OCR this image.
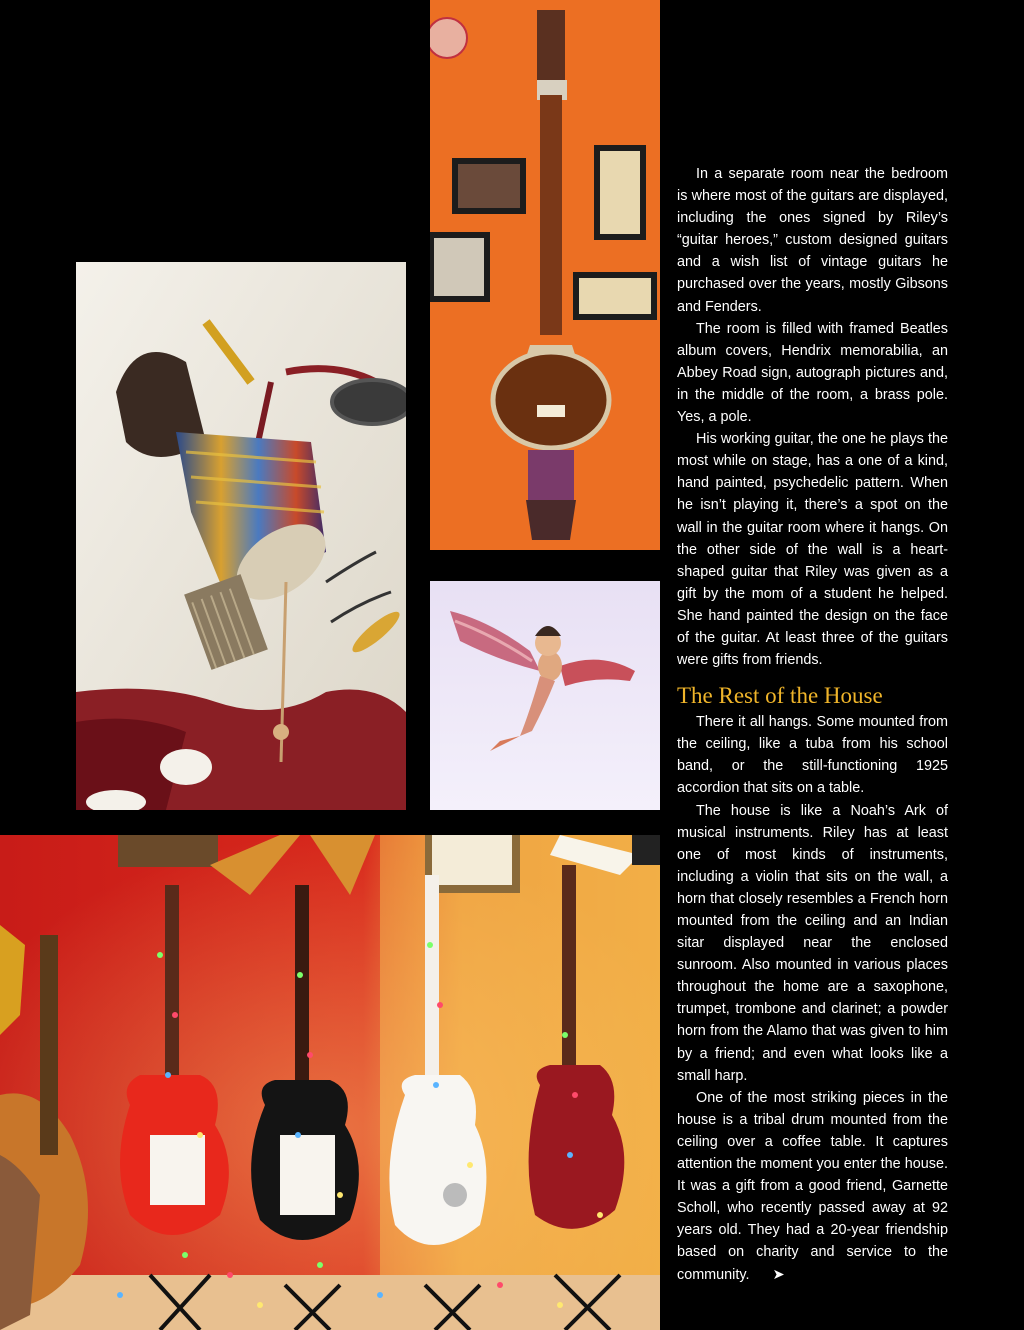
In a separate room near the bedroom is where most of the guitars are displayed, including the ones signed by Riley’s “guitar heroes,” custom designed guitars and a wish list of vintage guitars he purchased over the years, mostly Gibsons and Fenders.

The room is filled with framed Beatles album covers, Hendrix memorabilia, an Abbey Road sign, autograph pictures and, in the middle of the room, a brass pole. Yes, a pole.

His working guitar, the one he plays the most while on stage, has a one of a kind, hand painted, psychedelic pattern. When he isn’t playing it, there’s a spot on the wall in the guitar room where it hangs. On the other side of the wall is a heart-shaped guitar that Riley was given as a gift by the mom of a student he helped. She hand painted the design on the face of the guitar. At least three of the guitars were gifts from friends.

The Rest of the House

There it all hangs. Some mounted from the ceiling, like a tuba from his school band, or the still-functioning 1925 accordion that sits on a table.

The house is like a Noah’s Ark of musical instruments. Riley has at least one of most kinds of instruments, including a violin that sits on the wall, a horn that closely resembles a French horn mounted from the ceiling and an Indian sitar displayed near the enclosed sunroom. Also mounted in various places throughout the home are a saxophone, trumpet, trombone and clarinet; a powder horn from the Alamo that was given to him by a friend; and even what looks like a small harp.

One of the most striking pieces in the house is a tribal drum mounted from the ceiling over a coffee table. It captures attention the moment you enter the house. It was a gift from a good friend, Garnette Scholl, who recently passed away at 92 years old. They had a 20-year friendship based on charity and service to the community. ➤
